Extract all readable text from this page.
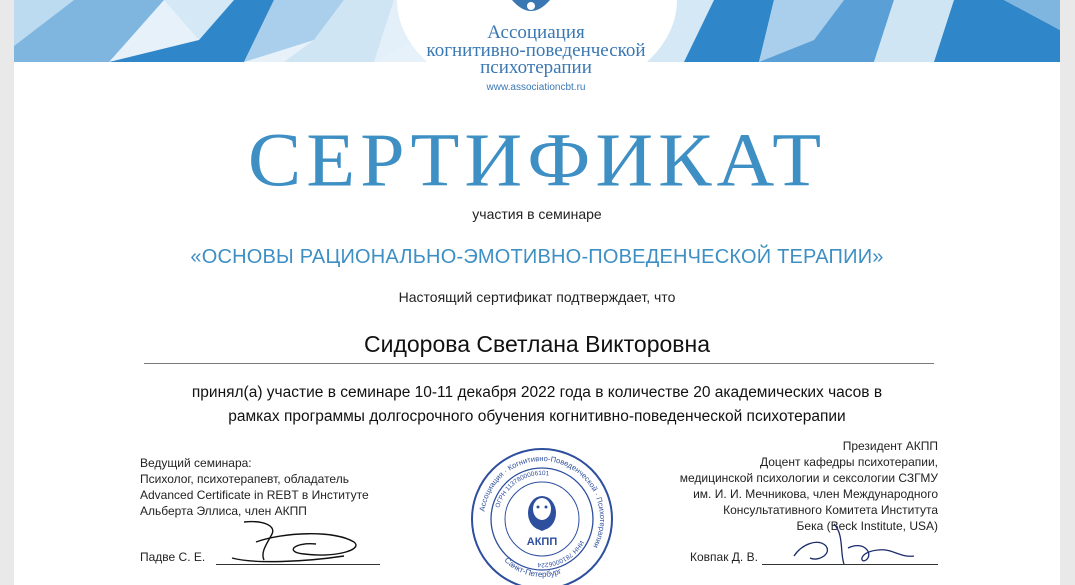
Ассоциация
когнитивно-поведенческой
психотерапии
www.associationcbt.ru
СЕРТИФИКАТ
участия в семинаре
«ОСНОВЫ РАЦИОНАЛЬНО-ЭМОТИВНО-ПОВЕДЕНЧЕСКОЙ ТЕРАПИИ»
Настоящий сертификат подтверждает, что
Сидорова Светлана Викторовна
принял(а) участие в семинаре 10-11 декабря 2022 года в количестве 20 академических часов в
рамках программы долгосрочного обучения когнитивно-поведенческой психотерапии
Ведущий семинара:
Психолог, психотерапевт, обладатель
Advanced Certificate in REBT в Институте
Альберта Эллиса, член АКПП
Президент АКПП
Доцент кафедры психотерапии,
медицинской психологии и сексологии СЗГМУ
им. И. И. Мечникова, член Международного
Консультативного Комитета Института
Бека (Beck Institute, USA)
Падве С. Е.	Ковпак Д. В.
Ассоциация · Когнитивно-Поведенческой · Психотерапии
ОГРН 1137800006101
ИНН 7810006224
Санкт-Петербург
АКПП
